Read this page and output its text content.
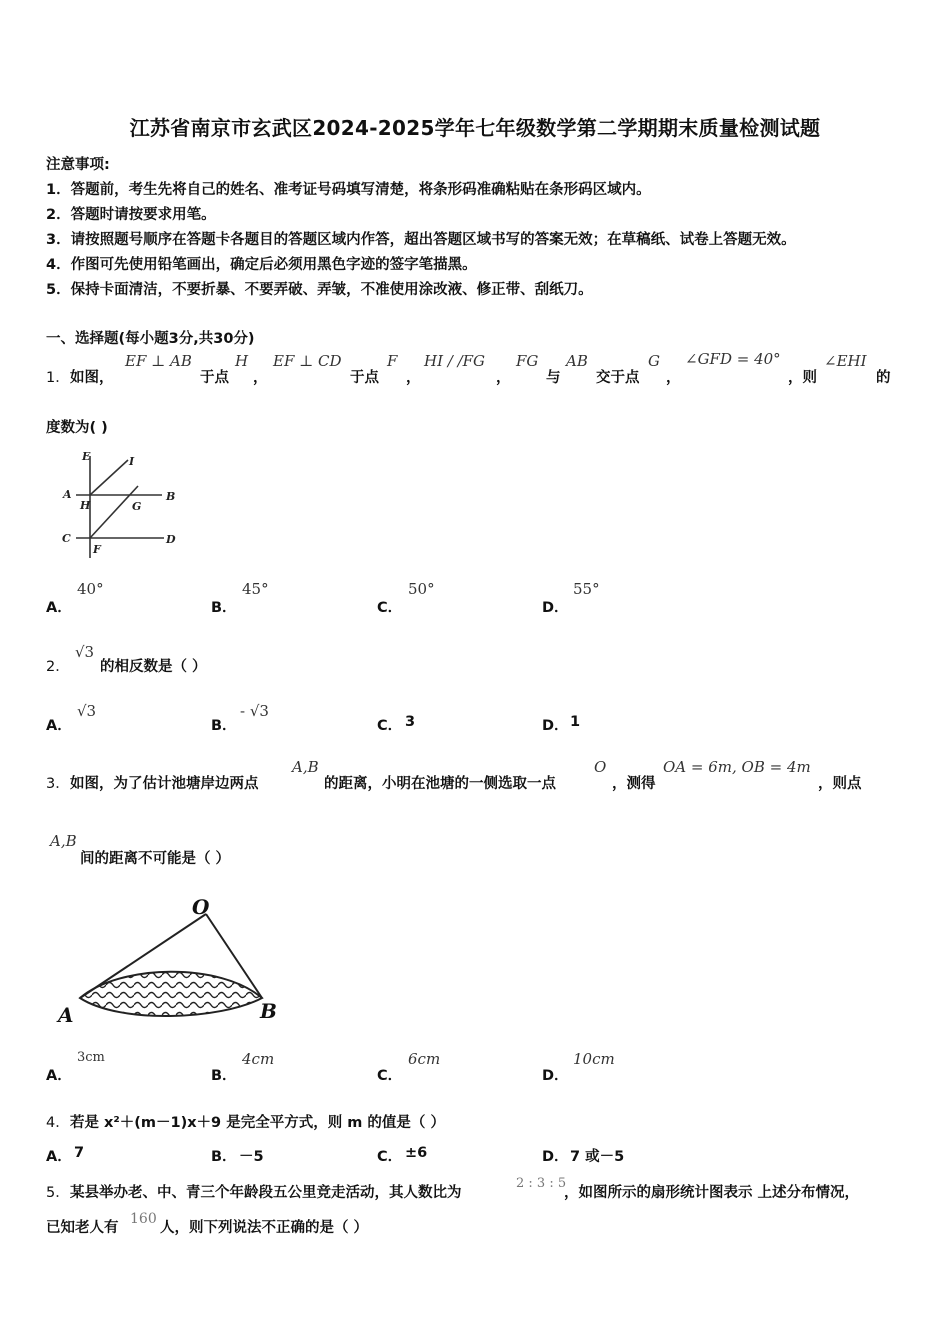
江苏省南京市玄武区2024-2025学年七年级数学第二学期期末质量检测试题
注意事项:
1．答题前，考生先将自己的姓名、准考证号码填写清楚，将条形码准确粘贴在条形码区域内。
2．答题时请按要求用笔。
3．请按照题号顺序在答题卡各题目的答题区域内作答，超出答题区域书写的答案无效；在草稿纸、试卷上答题无效。
4．作图可先使用铅笔画出，确定后必须用黑色字迹的签字笔描黑。
5．保持卡面清洁，不要折暴、不要弄破、弄皱，不准使用涂改液、修正带、刮纸刀。
一、选择题(每小题3分,共30分)
1． 如图，
EF ⊥ AB
于点
H
，
EF ⊥ CD
于点
F
，
HI / /FG
，
FG
与
AB
交于点
G
，
∠GFD = 40°
，则
∠EHI
的
度数为( )
E	I
A
H	G
B
C
F
D
A．
40°
B．
45°
C．
50°
D．
55°
2．
√3
的相反数是（ ）
A．
√3
B．
- √3
C． 3	D． 1
3． 如图，为了估计池塘岸边两点
A,B
的距离，小明在池塘的一侧选取一点
O
，测得
OA = 6m, OB = 4m
，则点
A,B
间的距离不可能是（ ）
O
A	B
A．
3cm
B．
4cm
C．
6cm
D．
10cm
4． 若是 x²＋(m－1)x＋9 是完全平方式，则 m 的值是（ ）
A． 7	B． －5	C． ±6	D． 7 或－5
5． 某县举办老、中、青三个年龄段五公里竞走活动，其人数比为
2 : 3 : 5
，如图所示的扇形统计图表示 上述分布情况，
已知老人有
160
人，则下列说法不正确的是（ ）
